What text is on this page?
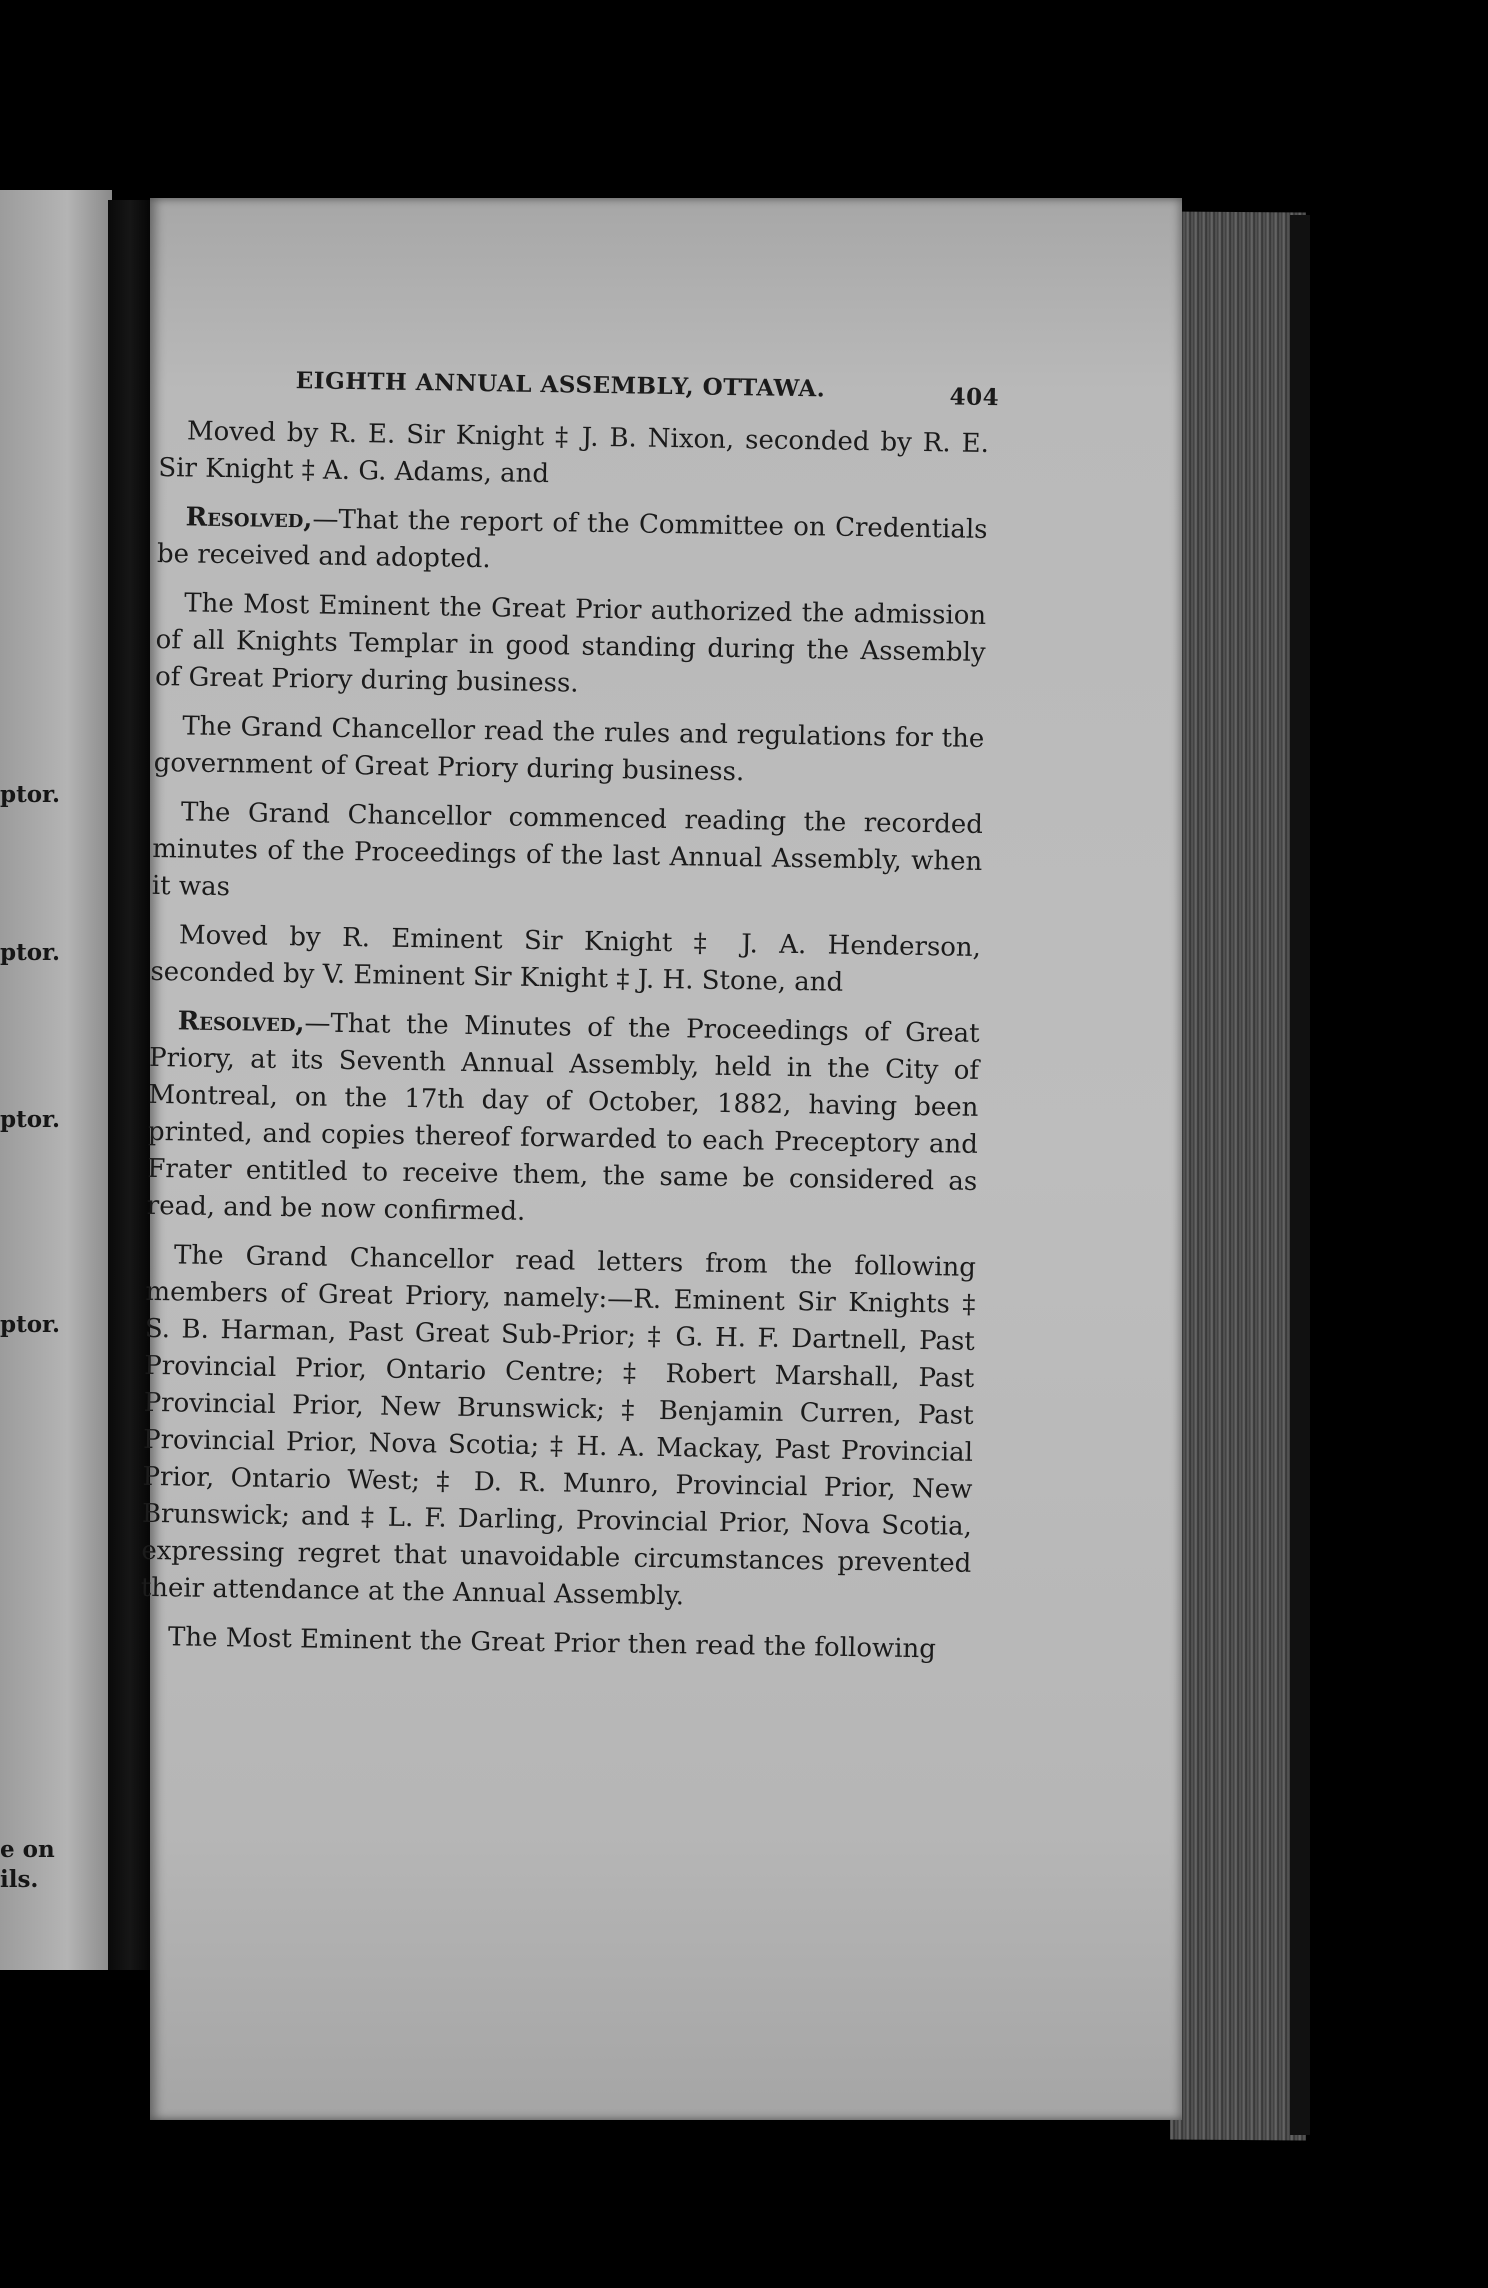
ptor.
ptor.
ptor.
ptor.
e on
ils.
EIGHTH ANNUAL ASSEMBLY, OTTAWA.	404

Moved by R. E. Sir Knight ‡ J. B. Nixon, seconded by R. E. Sir Knight ‡ A. G. Adams, and

Resolved,—That the report of the Committee on Credentials be received and adopted.

The Most Eminent the Great Prior authorized the admission of all Knights Templar in good standing during the Assembly of Great Priory during business.

The Grand Chancellor read the rules and regulations for the government of Great Priory during business.

The Grand Chancellor commenced reading the recorded minutes of the Proceedings of the last Annual Assembly, when it was

Moved by R. Eminent Sir Knight ‡ J. A. Henderson, seconded by V. Eminent Sir Knight ‡ J. H. Stone, and

Resolved,—That the Minutes of the Proceedings of Great Priory, at its Seventh Annual Assembly, held in the City of Montreal, on the 17th day of October, 1882, having been printed, and copies thereof forwarded to each Preceptory and Frater entitled to receive them, the same be considered as read, and be now confirmed.

The Grand Chancellor read letters from the following members of Great Priory, namely:—R. Eminent Sir Knights ‡ S. B. Harman, Past Great Sub-Prior; ‡ G. H. F. Dartnell, Past Provincial Prior, Ontario Centre; ‡ Robert Marshall, Past Provincial Prior, New Brunswick; ‡ Benjamin Curren, Past Provincial Prior, Nova Scotia; ‡ H. A. Mackay, Past Provincial Prior, Ontario West; ‡ D. R. Munro, Provincial Prior, New Brunswick; and ‡ L. F. Darling, Provincial Prior, Nova Scotia, expressing regret that unavoidable circumstances prevented their attendance at the Annual Assembly.

The Most Eminent the Great Prior then read the following
